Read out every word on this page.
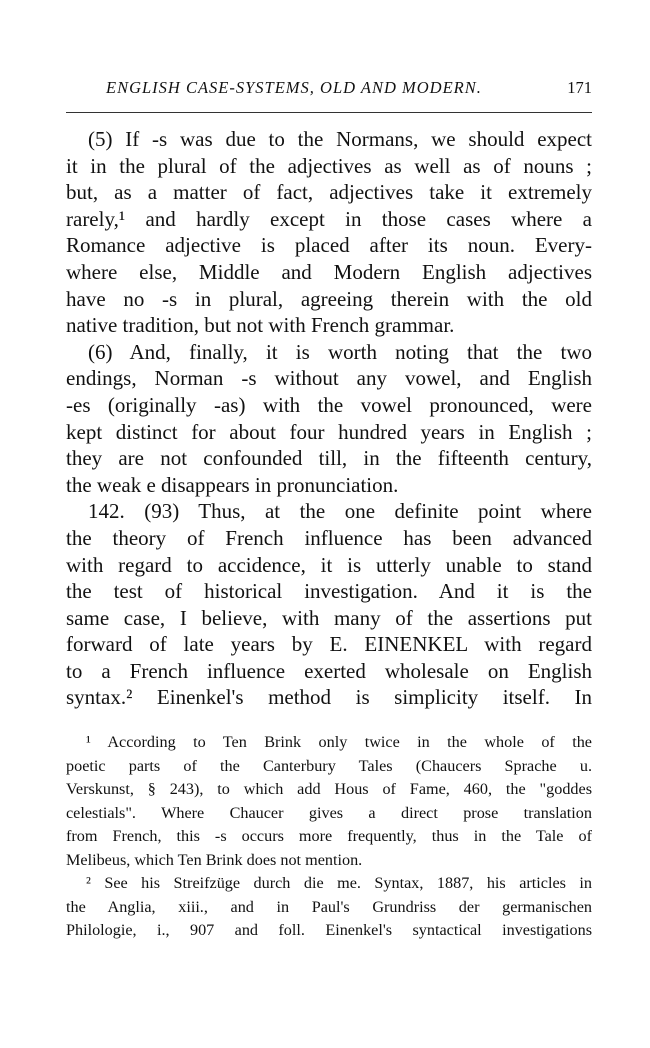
ENGLISH CASE-SYSTEMS, OLD AND MODERN.	171
(5) If -s was due to the Normans, we should expect
it in the plural of the adjectives as well as of nouns ;
but, as a matter of fact, adjectives take it extremely
rarely,¹ and hardly except in those cases where a
Romance adjective is placed after its noun. Every-
where else, Middle and Modern English adjectives
have no -s in plural, agreeing therein with the old
native tradition, but not with French grammar.
(6) And, finally, it is worth noting that the two
endings, Norman -s without any vowel, and English
-es (originally -as) with the vowel pronounced, were
kept distinct for about four hundred years in English ;
they are not confounded till, in the fifteenth century,
the weak e disappears in pronunciation.
142. (93) Thus, at the one definite point where
the theory of French influence has been advanced
with regard to accidence, it is utterly unable to stand
the test of historical investigation. And it is the
same case, I believe, with many of the assertions put
forward of late years by E. EINENKEL with regard
to a French influence exerted wholesale on English
syntax.² Einenkel's method is simplicity itself. In
¹ According to Ten Brink only twice in the whole of the
poetic parts of the Canterbury Tales (Chaucers Sprache u.
Verskunst, § 243), to which add Hous of Fame, 460, the "goddes
celestials". Where Chaucer gives a direct prose translation
from French, this -s occurs more frequently, thus in the Tale of
Melibeus, which Ten Brink does not mention.
² See his Streifzüge durch die me. Syntax, 1887, his articles in
the Anglia, xiii., and in Paul's Grundriss der germanischen
Philologie, i., 907 and foll. Einenkel's syntactical investigations
